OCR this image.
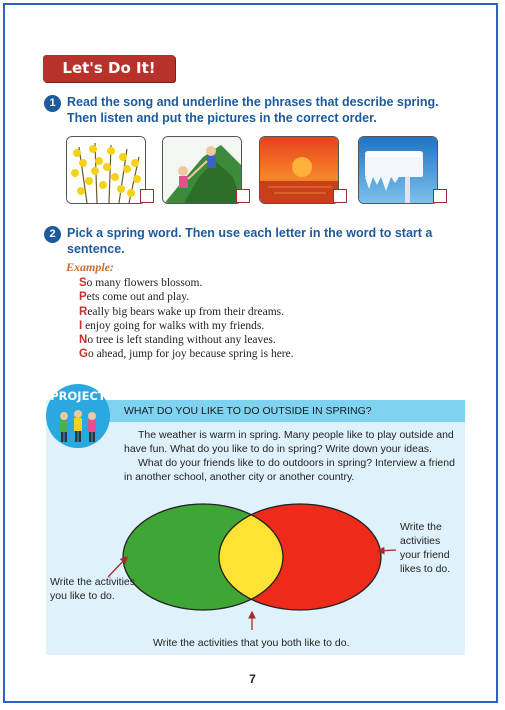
Let's Do It!
1 Read the song and underline the phrases that describe spring.
Then listen and put the pictures in the correct order.
2 Pick a spring word. Then use each letter in the word to start a
sentence.
Example:
So many flowers blossom.
Pets come out and play.
Really big bears wake up from their dreams.
I enjoy going for walks with my friends.
No tree is left standing without any leaves.
Go ahead, jump for joy because spring is here.
WHAT DO YOU LIKE TO DO OUTSIDE IN SPRING?
PROJECT
The weather is warm in spring. Many people like to play outside and
have fun. What do you like to do in spring? Write down your ideas.
What do your friends like to do outdoors in spring? Interview a friend
in another school, another city or another country.
Write the activities
you like to do.
Write the
activities
your friend
likes to do.
Write the activities that you both like to do.
7
